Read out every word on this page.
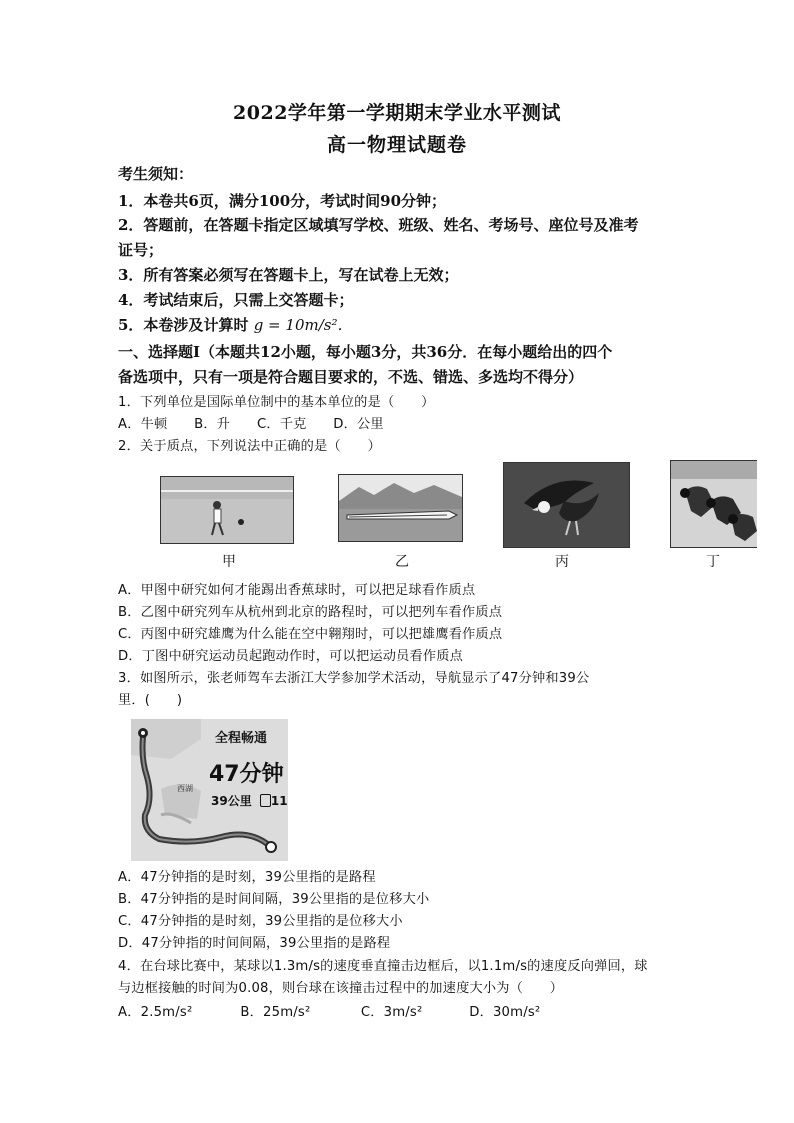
2022学年第一学期期末学业水平测试
高一物理试题卷
考生须知：
1．本卷共6页，满分100分，考试时间90分钟；
2．答题前，在答题卡指定区域填写学校、班级、姓名、考场号、座位号及准考
证号；
3．所有答案必须写在答题卡上，写在试卷上无效；
4．考试结束后，只需上交答题卡；
5．本卷涉及计算时 g = 10m/s²．
一、选择题Ⅰ（本题共12小题，每小题3分，共36分．在每小题给出的四个
备选项中，只有一项是符合题目要求的，不选、错选、多选均不得分）
1．下列单位是国际单位制中的基本单位的是（　　）
A．牛顿　　B．升　　C．千克　　D．公里
2．关于质点，下列说法中正确的是（　　）
甲	乙	丙	丁
A．甲图中研究如何才能踢出香蕉球时，可以把足球看作质点
B．乙图中研究列车从杭州到北京的路程时，可以把列车看作质点
C．丙图中研究雄鹰为什么能在空中翱翔时，可以把雄鹰看作质点
D．丁图中研究运动员起跑动作时，可以把运动员看作质点
3．如图所示，张老师驾车去浙江大学参加学术活动，导航显示了47分钟和39公
里．(　　)
全程畅通
47分钟
39公里 11
西湖
A．47分钟指的是时刻，39公里指的是路程
B．47分钟指的是时间间隔，39公里指的是位移大小
C．47分钟指的是时刻，39公里指的是位移大小
D．47分钟指的时间间隔，39公里指的是路程
4．在台球比赛中，某球以1.3m/s的速度垂直撞击边框后，以1.1m/s的速度反向弹回，球
与边框接触的时间为0.08，则台球在该撞击过程中的加速度大小为（　　）
A．2.5m/s²	B．25m/s²	C．3m/s²	D．30m/s²
